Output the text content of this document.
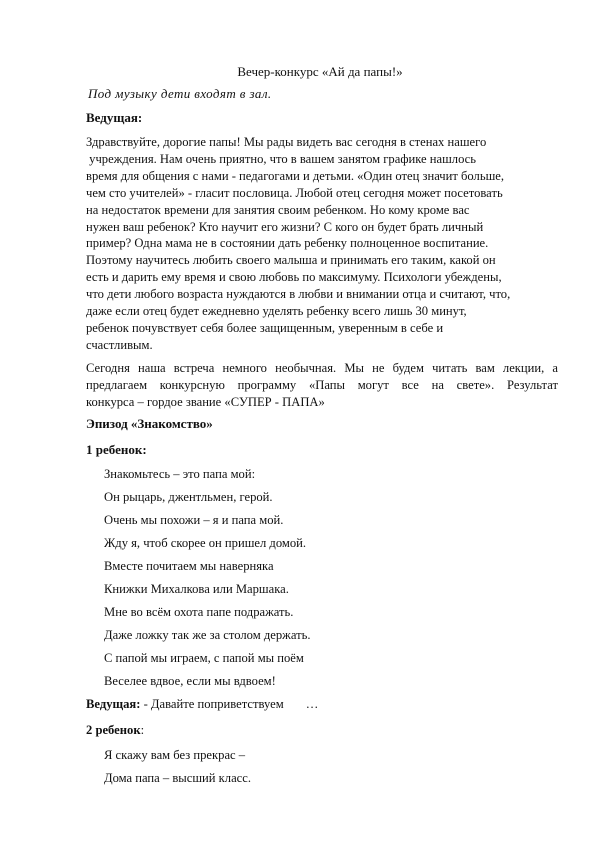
Вечер-конкурс «Ай да папы!»
Под музыку дети входят в зал.
Ведущая:
Здравствуйте, дорогие папы! Мы рады видеть вас сегодня в стенах нашего
учреждения. Нам очень приятно, что в вашем занятом графике нашлось
время для общения с нами - педагогами и детьми. «Один отец значит больше,
чем сто учителей» - гласит пословица. Любой отец сегодня может посетовать
на недостаток времени для занятия своим ребенком. Но кому кроме вас
нужен ваш ребенок? Кто научит его жизни? С кого он будет брать личный
пример? Одна мама не в состоянии дать ребенку полноценное воспитание.
Поэтому научитесь любить своего малыша и принимать его таким, какой он
есть и дарить ему время и свою любовь по максимуму. Психологи убеждены,
что дети любого возраста нуждаются в любви и внимании отца и считают, что,
даже если отец будет ежедневно уделять ребенку всего лишь 30 минут,
ребенок почувствует себя более защищенным, уверенным в себе и
счастливым.
Сегодня наша встреча немного необычная. Мы не будем читать вам лекции, а
предлагаем конкурсную программу «Папы могут все на свете». Результат
конкурса – гордое звание «СУПЕР - ПАПА»
Эпизод «Знакомство»
1 ребенок:
Знакомьтесь – это папа мой:
Он рыцарь, джентльмен, герой.
Очень мы похожи – я и папа мой.
Жду я, чтоб скорее он пришел домой.
Вместе почитаем мы наверняка
Книжки Михалкова или Маршака.
Мне во всём охота папе подражать.
Даже ложку так же за столом держать.
С папой мы играем, с папой мы поём
Веселее вдвое, если мы вдвоем!
Ведущая: - Давайте поприветствуем       …
2 ребенок:
Я скажу вам без прекрас –
Дома папа – высший класс.
